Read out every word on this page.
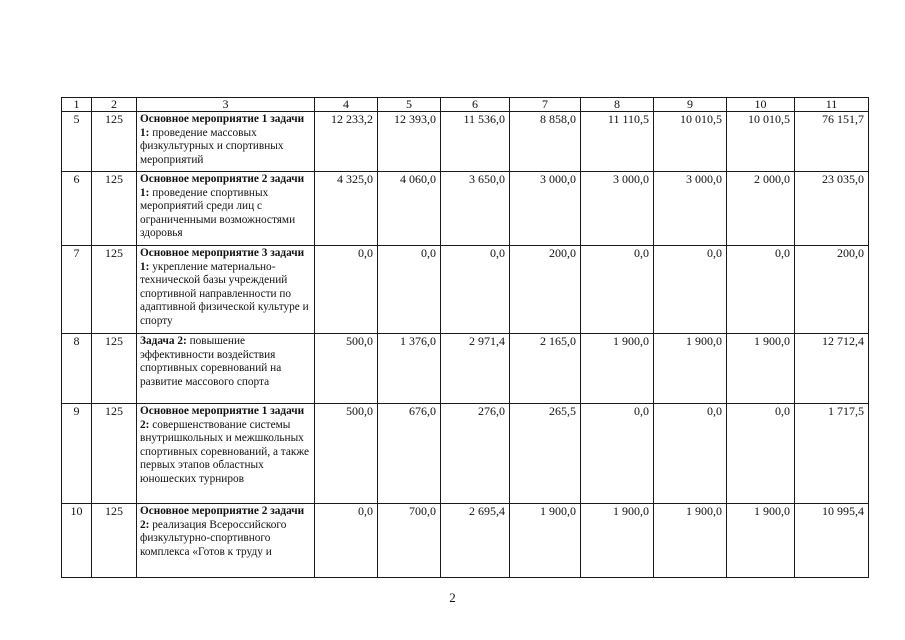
1	2	3	4	5	6	7	8	9	10	11
5	125	Основное мероприятие 1 задачи 1: проведение массовых физкультурных и спортивных мероприятий	12 233,2	12 393,0	11 536,0	8 858,0	11 110,5	10 010,5	10 010,5	76 151,7
6	125	Основное мероприятие 2 задачи 1: проведение спортивных мероприятий среди лиц с ограниченными возможностями здоровья	4 325,0	4 060,0	3 650,0	3 000,0	3 000,0	3 000,0	2 000,0	23 035,0
7	125	Основное мероприятие 3 задачи 1: укрепление материально-технической базы учреждений спортивной направленности по адаптивной физической культуре и спорту	0,0	0,0	0,0	200,0	0,0	0,0	0,0	200,0
8	125	Задача 2: повышение эффективности воздействия спортивных соревнований на развитие массового спорта	500,0	1 376,0	2 971,4	2 165,0	1 900,0	1 900,0	1 900,0	12 712,4
9	125	Основное мероприятие 1 задачи 2: совершенствование системы внутришкольных и межшкольных спортивных соревнований, а также первых этапов областных юношеских турниров	500,0	676,0	276,0	265,5	0,0	0,0	0,0	1 717,5
10	125	Основное мероприятие 2 задачи 2: реализация Всероссийского физкультурно-спортивного комплекса «Готов к труду и	0,0	700,0	2 695,4	1 900,0	1 900,0	1 900,0	1 900,0	10 995,4
2
